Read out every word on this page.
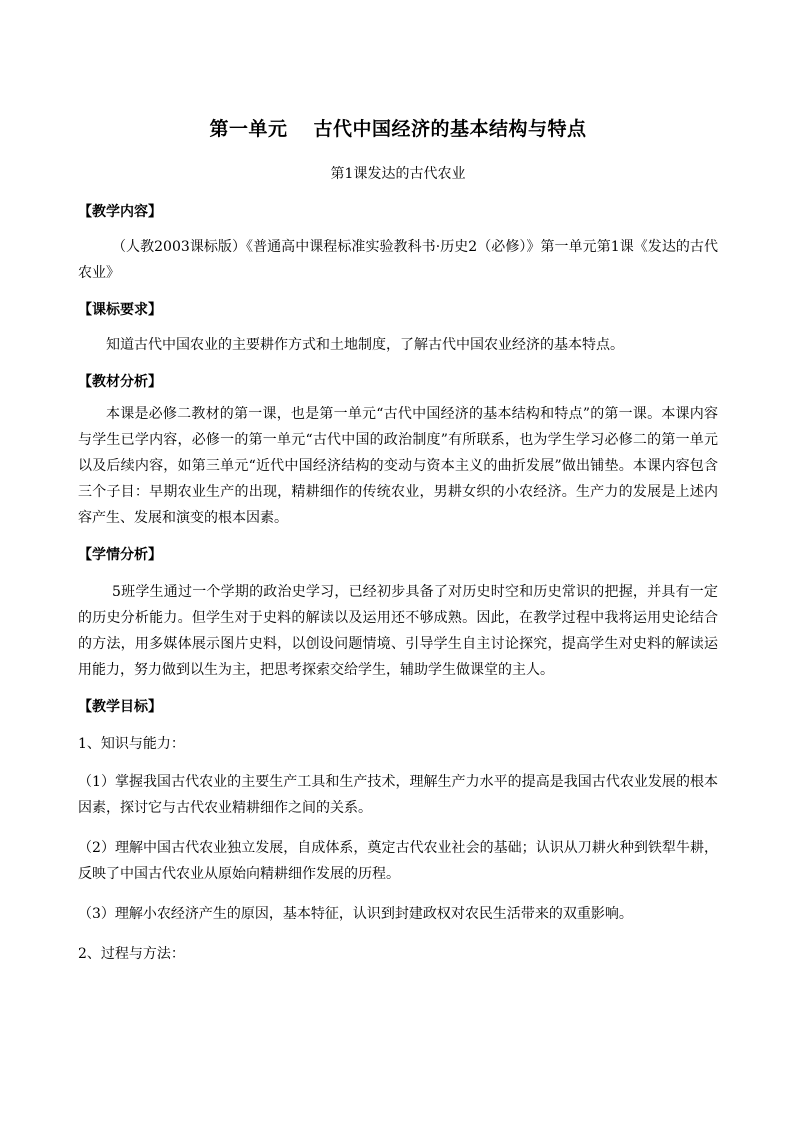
第一单元 古代中国经济的基本结构与特点

第1课发达的古代农业

【教学内容】

（人教2003课标版）《普通高中课程标准实验教科书·历史2（必修）》第一单元第1课《发达的古代农业》

【课标要求】

知道古代中国农业的主要耕作方式和土地制度，了解古代中国农业经济的基本特点。

【教材分析】

本课是必修二教材的第一课，也是第一单元“古代中国经济的基本结构和特点”的第一课。本课内容与学生已学内容，必修一的第一单元“古代中国的政治制度”有所联系，也为学生学习必修二的第一单元以及后续内容，如第三单元“近代中国经济结构的变动与资本主义的曲折发展”做出铺垫。本课内容包含三个子目：早期农业生产的出现，精耕细作的传统农业，男耕女织的小农经济。生产力的发展是上述内容产生、发展和演变的根本因素。

【学情分析】

5班学生通过一个学期的政治史学习，已经初步具备了对历史时空和历史常识的把握，并具有一定的历史分析能力。但学生对于史料的解读以及运用还不够成熟。因此，在教学过程中我将运用史论结合的方法，用多媒体展示图片史料，以创设问题情境、引导学生自主讨论探究，提高学生对史料的解读运用能力，努力做到以生为主，把思考探索交给学生，辅助学生做课堂的主人。

【教学目标】

1、知识与能力：

（1）掌握我国古代农业的主要生产工具和生产技术，理解生产力水平的提高是我国古代农业发展的根本因素，探讨它与古代农业精耕细作之间的关系。

（2）理解中国古代农业独立发展，自成体系，奠定古代农业社会的基础；认识从刀耕火种到铁犁牛耕，反映了中国古代农业从原始向精耕细作发展的历程。

（3）理解小农经济产生的原因，基本特征，认识到封建政权对农民生活带来的双重影响。

2、过程与方法：
